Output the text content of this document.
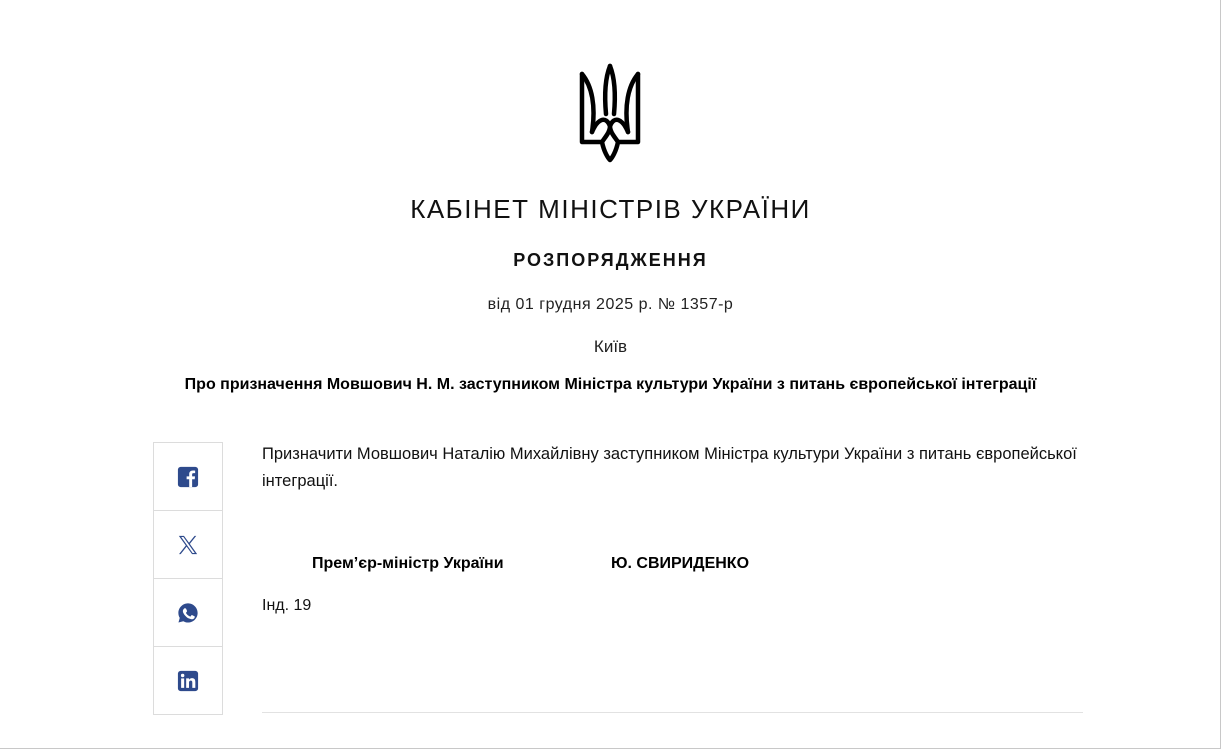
КАБІНЕТ МІНІСТРІВ УКРАЇНИ
РОЗПОРЯДЖЕННЯ
від 01 грудня 2025 р. № 1357-р
Київ
Про призначення Мовшович Н. М. заступником Міністра культури України з питань європейської інтеграції
Призначити Мовшович Наталію Михайлівну заступником Міністра культури України з питань європейської інтеграції.
Прем’єр-міністр України	Ю. СВИРИДЕНКО
Інд. 19
